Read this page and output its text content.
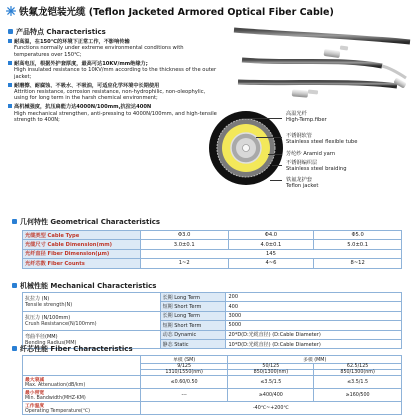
铁氟龙铠装光缆 (Teflon Jacketed Armored Optical Fiber Cable)
产品特点 Characteristics
耐高温，在150℃的环境下正常工作，不影响传输
Functions normally under extreme environmental conditions with temperatures over 150℃;
耐高电压，根据外护套厚度，最高可达10KV/mm绝缘力;
High insulated resistance to 10KV/mm according to the thickness of the outer jacket;
耐磨擦、耐腐蚀、不吸水、不吸油，可适应化学环境中长期使用
Attrition resistance, corrosion resistance, non-hydrophilic, non-oleophylic, using for long term in the harsh chemical environment;
高机械强度，抗压扁能力达4000N/100mm,抗拉达400N
High mechanical strengthen, anti-pressing to 4000N/100mm, and high-tensile strength to 400N;
高温光纤
High-Temp.fiber
不锈钢软管
Stainless steel flexible tube
芳纶纱 Aramid yarn
不锈钢编织层
Stainless steel braiding
铁氟龙护套
Teflon jacket
几何特性 Geometrical Characteristics
光缆类型 Cable Type	Φ3.0	Φ4.0	Φ5.0
光缆尺寸 Cable Dimension(mm)	3.0±0.1	4.0±0.1	5.0±0.1
光纤直径 Fiber Dimension(μm)	145		
光纤芯数 Fiber Counts	1~2	4~6	8~12
机械性能 Mechanical Characteristics
抗拉力 (N)
Tensile strength(N)	长期 Long Term	200
	短期 Short Term	400
抗压力 (N/100mm)
Crush Resistance(N/100mm)	长期 Long Term	3000
	短期 Short Term	5000
弯曲半径(MM)
Bending Radius(MM)	动态 Dynamic	20*D(D:光缆直径) (D:Cable Diameter)
	静态 Static	10*D(D:光缆直径) (D:Cable Diameter)
纤芯性能 Fiber Characteristics
	单模 (SM)	多模 (MM)	
	9/125	50/125	62.5/125
	1310/1550(nm)	850/1300(nm)	850/1300(nm)
最大衰减
Max. Attenuation(dB/km)	≤0.60/0.50	≤3.5/1.5	≤3.5/1.5
最小带宽
Min. Bandwidth(MHZ-KM)	---	≥400/400	≥160/500
工作温度
Operating Temperature(℃)	-40℃~+200℃		
